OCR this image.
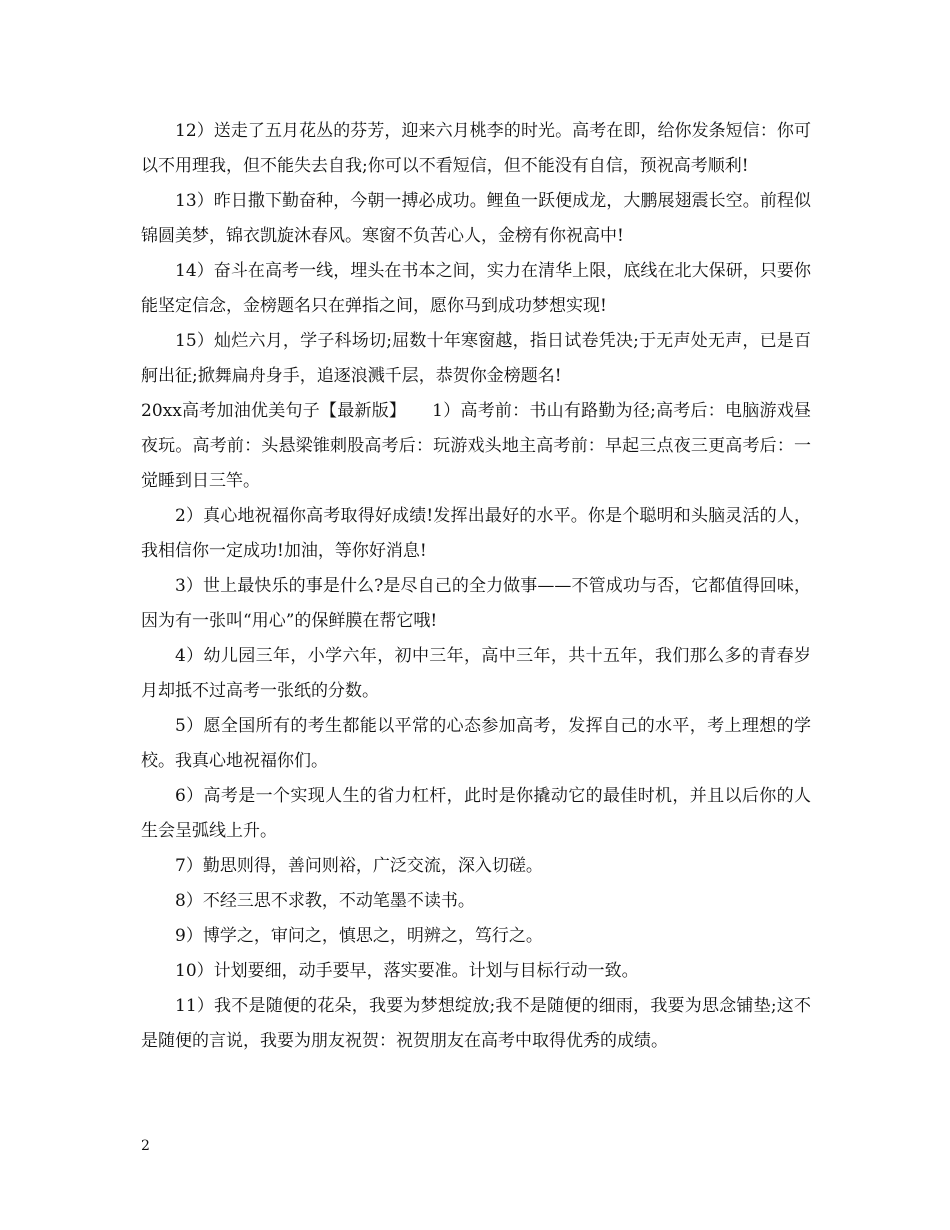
12）送走了五月花丛的芬芳，迎来六月桃李的时光。高考在即，给你发条短信：你可以不用理我，但不能失去自我;你可以不看短信，但不能没有自信，预祝高考顺利!

13）昨日撒下勤奋种，今朝一搏必成功。鲤鱼一跃便成龙，大鹏展翅震长空。前程似锦圆美梦，锦衣凯旋沐春风。寒窗不负苦心人，金榜有你祝高中!

14）奋斗在高考一线，埋头在书本之间，实力在清华上限，底线在北大保研，只要你能坚定信念，金榜题名只在弹指之间，愿你马到成功梦想实现!

15）灿烂六月，学子科场切;屈数十年寒窗越，指日试卷凭决;于无声处无声，已是百舸出征;掀舞扁舟身手，追逐浪溅千层，恭贺你金榜题名!

20xx高考加油优美句子【最新版】　　1）高考前：书山有路勤为径;高考后：电脑游戏昼夜玩。高考前：头悬梁锥刺股高考后：玩游戏头地主高考前：早起三点夜三更高考后：一觉睡到日三竿。

2）真心地祝福你高考取得好成绩!发挥出最好的水平。你是个聪明和头脑灵活的人，我相信你一定成功!加油，等你好消息!

3）世上最快乐的事是什么?是尽自己的全力做事——不管成功与否，它都值得回味，因为有一张叫“用心”的保鲜膜在帮它哦!

4）幼儿园三年，小学六年，初中三年，高中三年，共十五年，我们那么多的青春岁月却抵不过高考一张纸的分数。

5）愿全国所有的考生都能以平常的心态参加高考，发挥自己的水平，考上理想的学校。我真心地祝福你们。

6）高考是一个实现人生的省力杠杆，此时是你撬动它的最佳时机，并且以后你的人生会呈弧线上升。

7）勤思则得，善问则裕，广泛交流，深入切磋。

8）不经三思不求教，不动笔墨不读书。

9）博学之，审问之，慎思之，明辨之，笃行之。

10）计划要细，动手要早，落实要准。计划与目标行动一致。

11）我不是随便的花朵，我要为梦想绽放;我不是随便的细雨，我要为思念铺垫;这不是随便的言说，我要为朋友祝贺：祝贺朋友在高考中取得优秀的成绩。

2
